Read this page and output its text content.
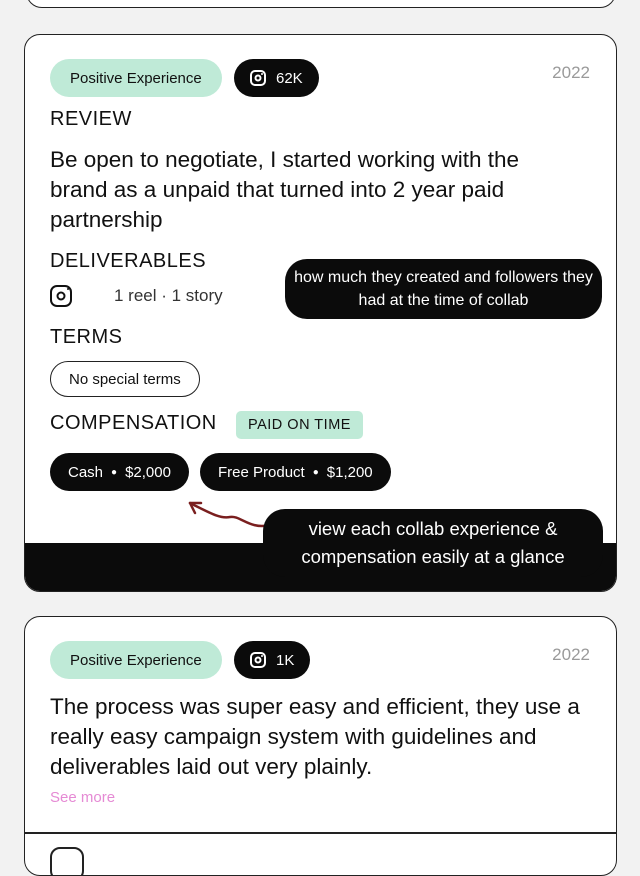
Positive Experience	62K	2022
REVIEW
Be open to negotiate, I started working with the brand as a unpaid that turned into 2 year paid partnership
DELIVERABLES
1 reel · 1 story
how much they created and followers they had at the time of collab
TERMS
No special terms
COMPENSATION PAID ON TIME
Cash ● $2,000	Free Product ● $1,200
view each collab experience & compensation easily at a glance
Positive Experience	1K	2022
The process was super easy and efficient, they use a really easy campaign system with guidelines and deliverables laid out very plainly.
See more
